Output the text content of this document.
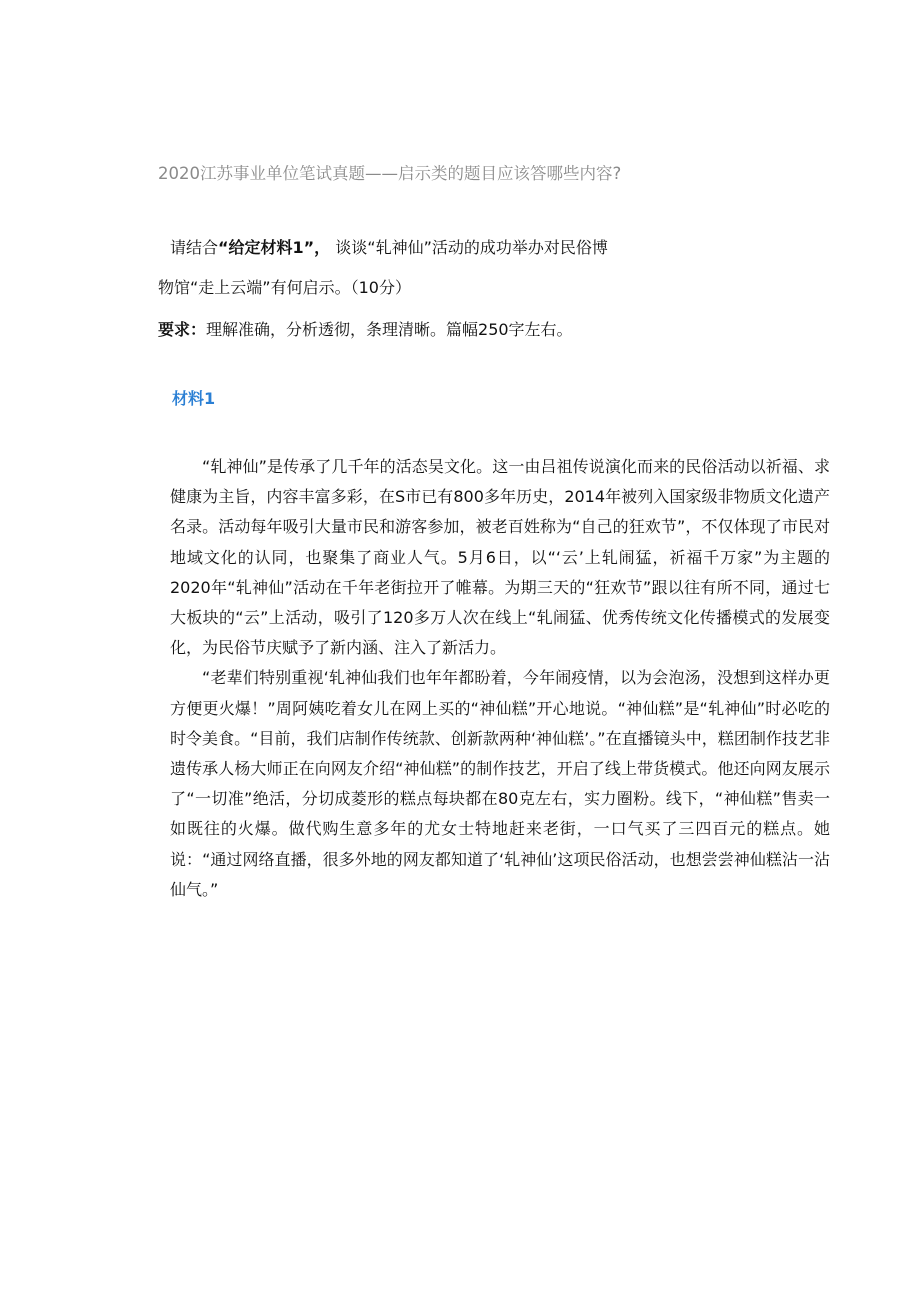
2020江苏事业单位笔试真题——启示类的题目应该答哪些内容?
请结合“给定材料1”， 谈谈“轧神仙”活动的成功举办对民俗博
物馆“走上云端”有何启示。（10分）
要求：理解准确，分析透彻，条理清晰。篇幅250字左右。
材料1

“轧神仙”是传承了几千年的活态吴文化。这一由吕祖传说演化而来的民俗活动以祈福、求健康为主旨，内容丰富多彩，在S市已有800多年历史，2014年被列入国家级非物质文化遗产名录。活动每年吸引大量市民和游客参加，被老百姓称为“自己的狂欢节”，不仅体现了市民对地域文化的认同，也聚集了商业人气。5月6日，以“‘云’上轧闹猛，祈福千万家”为主题的2020年“轧神仙”活动在千年老街拉开了帷幕。为期三天的“狂欢节”跟以往有所不同，通过七大板块的“云”上活动，吸引了120多万人次在线上“轧闹猛、优秀传统文化传播模式的发展变化，为民俗节庆赋予了新内涵、注入了新活力。

“老辈们特别重视‘轧神仙我们也年年都盼着，今年闹疫情，以为会泡汤，没想到这样办更方便更火爆！”周阿姨吃着女儿在网上买的“神仙糕”开心地说。“神仙糕”是“轧神仙”时必吃的时令美食。“目前，我们店制作传统款、创新款两种‘神仙糕’。”在直播镜头中，糕团制作技艺非遗传承人杨大师正在向网友介绍“神仙糕”的制作技艺，开启了线上带货模式。他还向网友展示了“一切准”绝活，分切成菱形的糕点每块都在80克左右，实力圈粉。线下，“神仙糕”售卖一如既往的火爆。做代购生意多年的尤女士特地赶来老街，一口气买了三四百元的糕点。她说：“通过网络直播，很多外地的网友都知道了‘轧神仙’这项民俗活动，也想尝尝神仙糕沾一沾仙气。”
